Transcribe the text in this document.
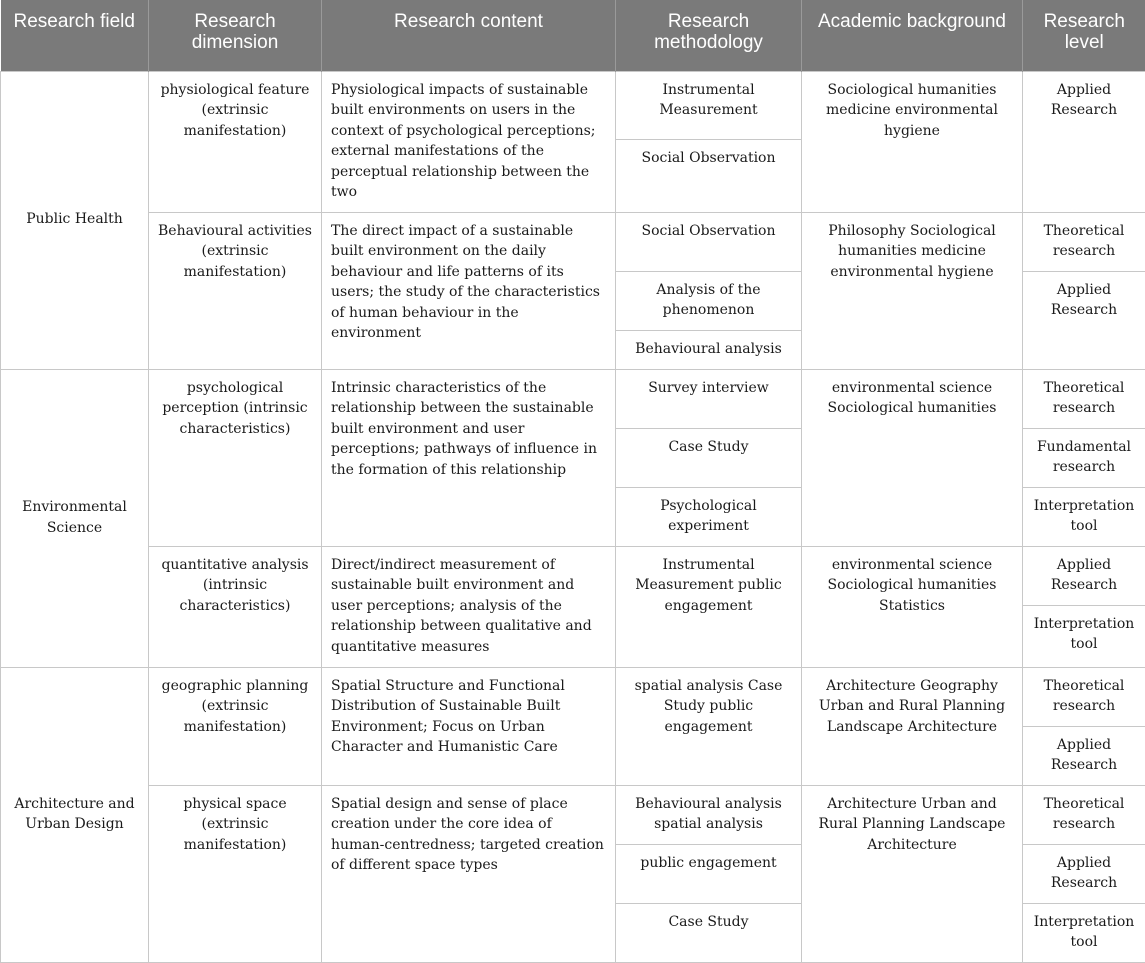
Research field	Research dimension	Research content	Research methodology	Academic background	Research level

Public Health	physiological feature (extrinsic manifestation)	Physiological impacts of sustainable built environments on users in the context of psychological perceptions; external manifestations of the perceptual relationship between the two	Instrumental Measurement	Sociological humanities medicine environmental hygiene	Applied Research
			Social Observation		
	Behavioural activities (extrinsic manifestation)	The direct impact of a sustainable built environment on the daily behaviour and life patterns of its users; the study of the characteristics of human behaviour in the environment	Social Observation	Philosophy Sociological humanities medicine environmental hygiene	Theoretical research
			Analysis of the phenomenon		Applied Research
			Behavioural analysis		
Environmental Science	psychological perception (intrinsic characteristics)	Intrinsic characteristics of the relationship between the sustainable built environment and user perceptions; pathways of influence in the formation of this relationship	Survey interview	environmental science Sociological humanities	Theoretical research
			Case Study		Fundamental research
			Psychological experiment		Interpretation tool
	quantitative analysis (intrinsic characteristics)	Direct/indirect measurement of sustainable built environment and user perceptions; analysis of the relationship between qualitative and quantitative measures	Instrumental Measurement public engagement	environmental science Sociological humanities Statistics	Applied Research
					Interpretation tool
Architecture and Urban Design	geographic planning (extrinsic manifestation)	Spatial Structure and Functional Distribution of Sustainable Built Environment; Focus on Urban Character and Humanistic Care	spatial analysis Case Study public engagement	Architecture Geography Urban and Rural Planning Landscape Architecture	Theoretical research
					Applied Research
	physical space (extrinsic manifestation)	Spatial design and sense of place creation under the core idea of human-centredness; targeted creation of different space types	Behavioural analysis spatial analysis	Architecture Urban and Rural Planning Landscape Architecture	Theoretical research
			public engagement		Applied Research
			Case Study		Interpretation tool
